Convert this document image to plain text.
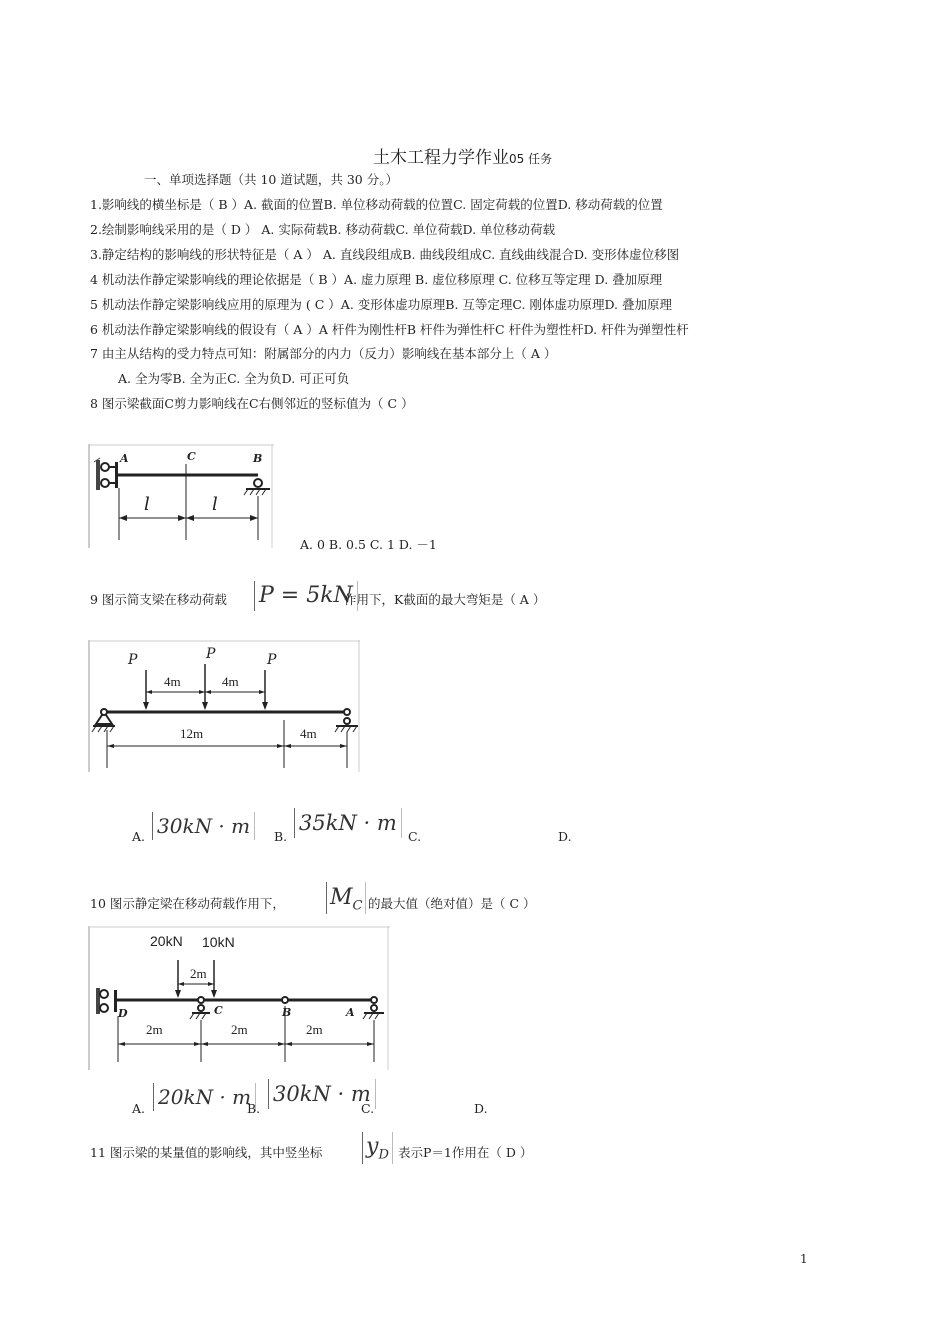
土木工程力学作业05 任务
一、单项选择题（共 10 道试题，共 30 分。）
1.影响线的横坐标是（ B ）A. 截面的位置B. 单位移动荷载的位置C. 固定荷载的位置D. 移动荷载的位置
2.绘制影响线采用的是（ D ） A. 实际荷载B. 移动荷载C. 单位荷载D. 单位移动荷载
3.静定结构的影响线的形状特征是（ A ） A. 直线段组成B. 曲线段组成C. 直线曲线混合D. 变形体虚位移图
4 机动法作静定梁影响线的理论依据是（ B ）A. 虚力原理 B. 虚位移原理 C. 位移互等定理 D. 叠加原理
5 机动法作静定梁影响线应用的原理为 ( C ）A. 变形体虚功原理B. 互等定理C. 刚体虚功原理D. 叠加原理
6 机动法作静定梁影响线的假设有（ A ）A 杆件为刚性杆B 杆件为弹性杆C 杆件为塑性杆D. 杆件为弹塑性杆
7 由主从结构的受力特点可知：附属部分的内力（反力）影响线在基本部分上（ A ）
A. 全为零B. 全为正C. 全为负D. 可正可负
8 图示梁截面C剪力影响线在C右侧邻近的竖标值为（ C ）
A	C	B
l	l
A. 0 B. 0.5 C. 1 D. －1
9 图示简支梁在移动荷载 P = 5kN
作用下，K截面的最大弯矩是（ A ）
P	P	P
4m	4m
12m	4m
A. 30kN · m	B.
35kN · m
C.	D.
10 图示静定梁在移动荷载作用下， $M_C$ 的最大值（绝对值）是（ C ）
20kN 10kN
2m
D	C	B	A
2m	2m	2m
A. 20kN · m
B.
30kN · m
C.	D.
11 图示梁的某量值的影响线，其中竖坐标 $y_D$ 表示P＝1作用在（ D ）
1
